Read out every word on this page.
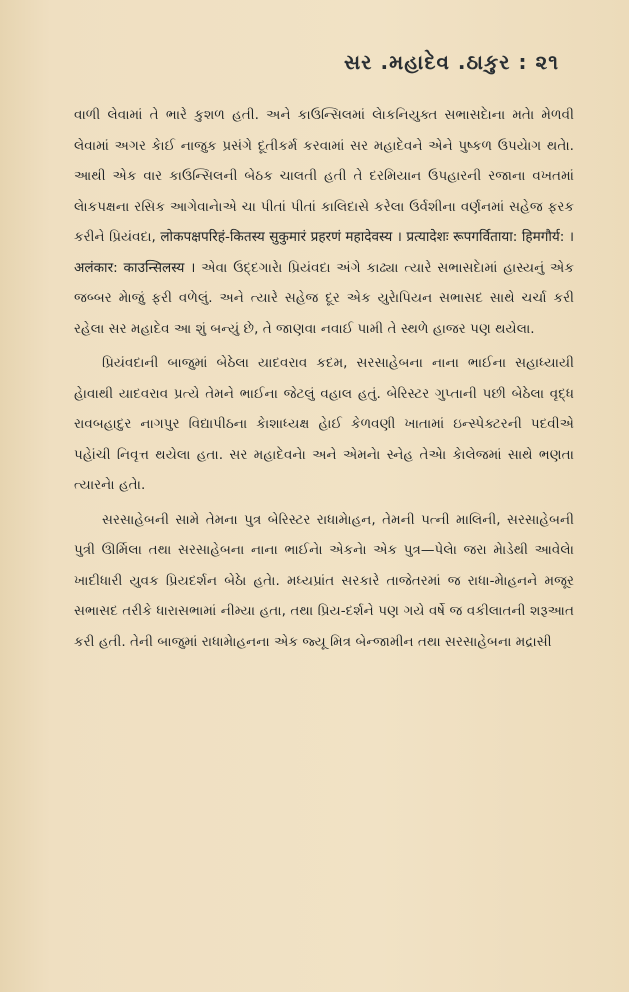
સર .મહાદેવ .ઠાકુર : ૨૧

વાળી લેવામાં તે ભારે કુશળ હતી. અને કાઉન્સિલમાં લેાકનિયુક્ત સભાસદેાના મતેા મેળવી લેવામાં અગર કેાઈ નાજુક પ્રસંગે દૂતીકર્મ કરવામાં સર મહાદેવને એને પુષ્કળ ઉપયેાગ થતેા. આથી એક વાર કાઉન્સિલની બેઠક ચાલતી હતી તે દરમિયાન ઉપહારની રજાના વખતમાં લેાકપક્ષના રસિક આગેવાનેાએ ચા પીતાં પીતાં કાલિદાસે કરેલા ઉર્વશીના વર્ણનમાં સહેજ ફરક કરીને પ્રિયંવદા, लोकपक्षपरिहं-कितस्य सुकुमारं प्रहरणं महादेवस्य । प्रत्यादेशः रूपगर्विताया: हिमगौर्य: । अलंकार: काउन्सिलस्य । એવા ઉદ્દગારેા પ્રિયંવદા અંગે કાઢ્યા ત્યારે સભાસદેામાં હાસ્યનું એક જબ્બર મેાજું ફરી વળેલું. અને ત્યારે સહેજ દૂર એક યુરેાપિયન સભાસદ સાથે ચર્ચા કરી રહેલા સર મહાદેવ આ શું બન્યું છે, તે જાણવા નવાઈ પામી તે સ્થળે હાજર પણ થયેલા.

પ્રિયંવદાની બાજુમાં બેઠેલા યાદવરાવ કદમ, સરસાહેબના નાના ભાઈના સહાધ્યાયી હેાવાથી યાદવરાવ પ્રત્યે તેમને ભાઈના જેટલું વહાલ હતું. બેરિસ્ટર ગુપ્તાની પછી બેઠેલા વૃદ્ધ રાવબહાદુર નાગપુર વિદ્યાપીઠના કેાશાધ્યક્ષ હેાઈ કેળવણી ખાતામાં ઇન્સ્પેક્ટરની પદવીએ પહેાંચી નિવૃત્ત થયેલા હતા. સર મહાદેવનેા અને એમનેા સ્નેહ તેએા કેાલેજમાં સાથે ભણતા ત્યારનેા હતેા.

સરસાહેબની સામે તેમના પુત્ર બેરિસ્ટર રાધામેાહન, તેમની પત્ની માલિની, સરસાહેબની પુત્રી ઊર્મિલા તથા સરસાહેબના નાના ભાઈનેા એકનેા એક પુત્ર—પેલેા જરા મેાડેથી આવેલેા ખાદીધારી યુવક પ્રિયદર્શન બેઠેા હતેા. મધ્યપ્રાંત સરકારે તાજેતરમાં જ રાધા-મેાહનને મજૂર સભાસદ તરીકે ધારાસભામાં નીમ્યા હતા, તથા પ્રિય-દર્શને પણ ગયે વર્ષે જ વકીલાતની શરૂઆત કરી હતી. તેની બાજુમાં રાધામેાહનના એક જ્યૂ મિત્ર બેન્જામીન તથા સરસાહેબના મદ્રાસી
